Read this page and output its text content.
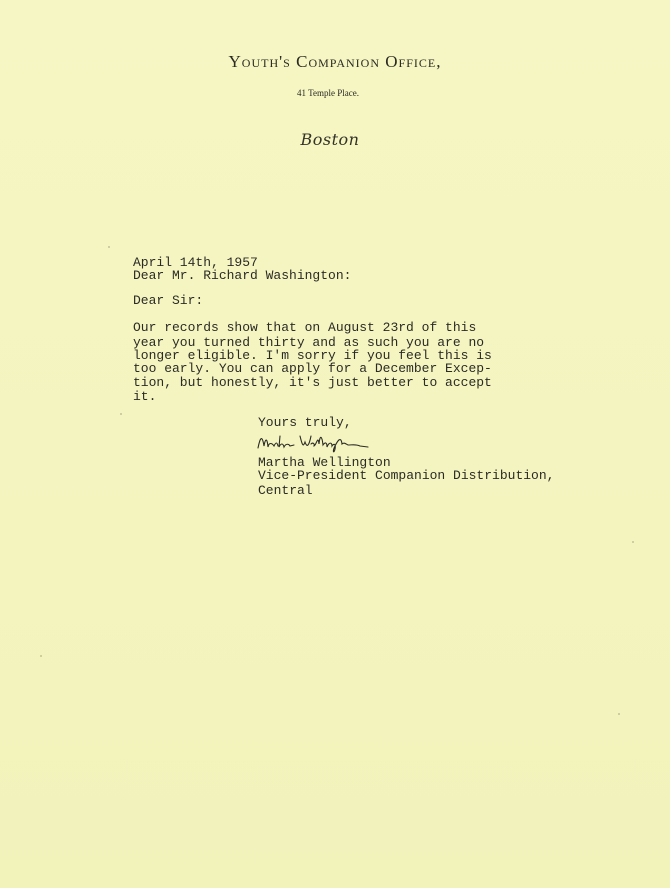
Youth's Companion Office,
41 Temple Place.
Boston
April 14th, 1957
Dear Mr. Richard Washington:
Dear Sir:
Our records show that on August 23rd of this
year you turned thirty and as such you are no
longer eligible. I'm sorry if you feel this is
too early. You can apply for a December Excep-
tion, but honestly, it's just better to accept
it.
Yours truly,
Martha Wellington
Vice-President Companion Distribution,
Central
